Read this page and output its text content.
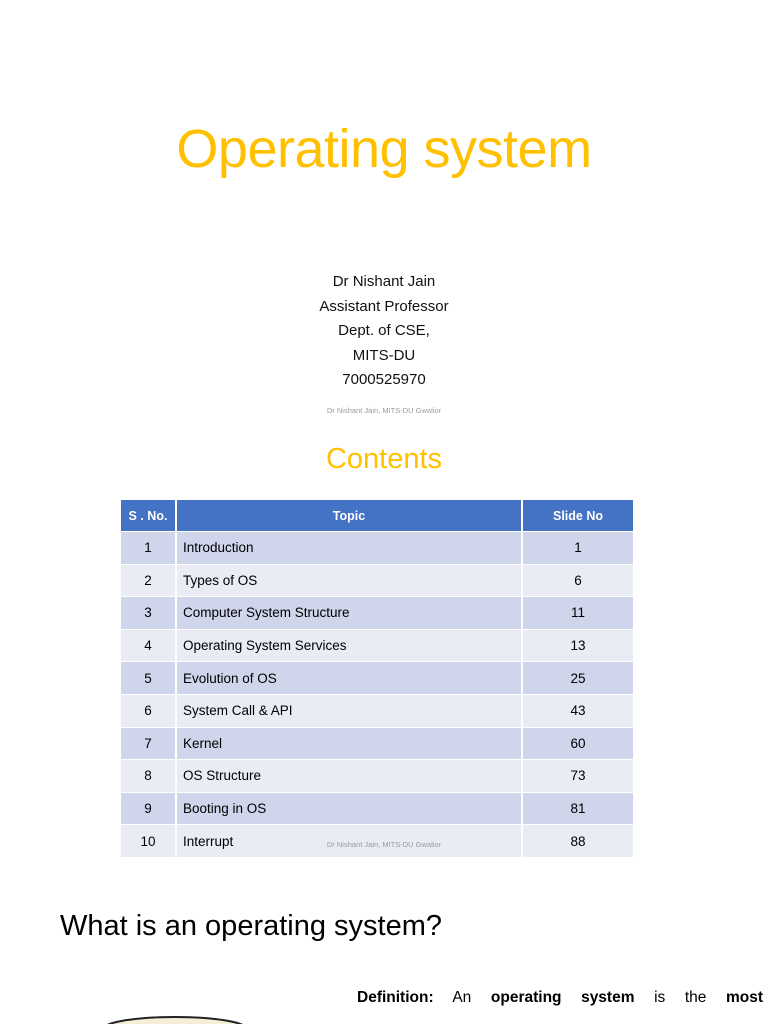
Operating system
Dr Nishant Jain
Assistant Professor
Dept. of CSE,
MITS-DU
7000525970
Dr Nishant Jain, MITS-DU Gwalior
Contents
S . No.	Topic	Slide No
1	Introduction	1
2	Types of OS	6
3	Computer System Structure	11
4	Operating System Services	13
5	Evolution of OS	25
6	System Call & API	43
7	Kernel	60
8	OS Structure	73
9	Booting in OS	81
10	Interrupt	88
Dr Nishant Jain, MITS-DU Gwalior
What is an operating system?
Definition: An operating system is the most
